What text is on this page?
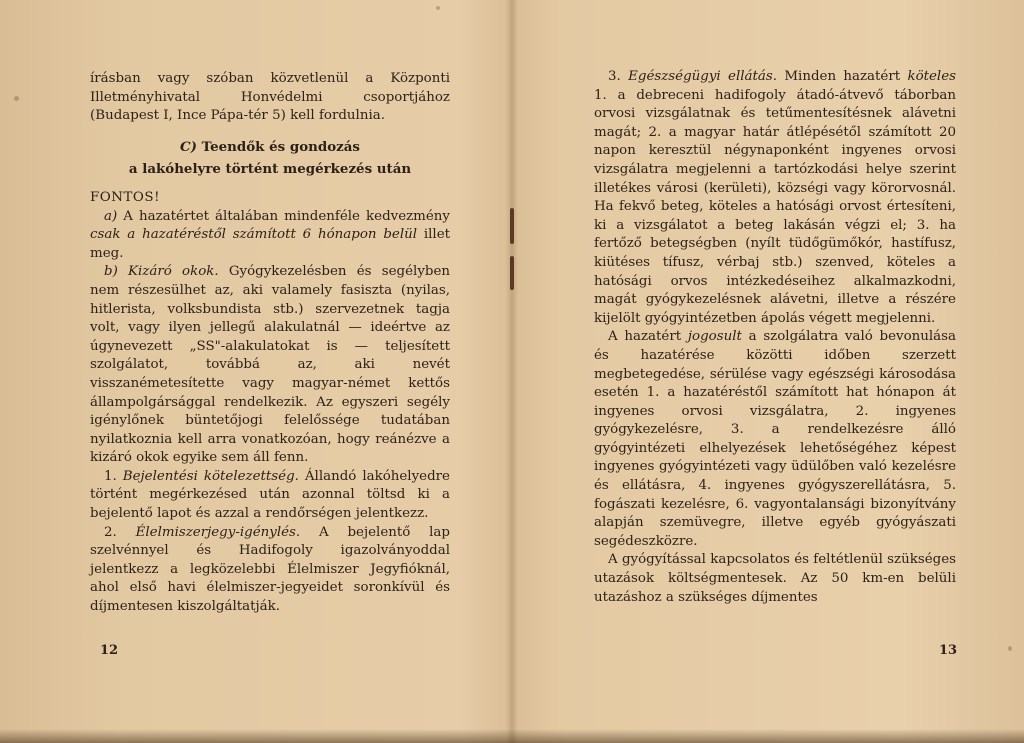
írásban vagy szóban közvetlenül a Központi Illetményhivatal Honvédelmi csoportjához (Budapest I, Ince Pápa-tér 5) kell fordulnia.

C) Teendők és gondozás
a lakóhelyre történt megérkezés után
FONTOS!

a) A hazatértet általában mindenféle kedvezmény csak a hazatéréstől számított 6 hónapon belül illet meg.

b) Kizáró okok. Gyógykezelésben és segélyben nem részesülhet az, aki valamely fasiszta (nyilas, hitlerista, volksbundista stb.) szervezetnek tagja volt, vagy ilyen jellegű alakulatnál — ideértve az úgynevezett „SS"-alakulatokat is — teljesített szolgálatot, továbbá az, aki nevét visszanémetesítette vagy magyar-német kettős állampolgársággal rendelkezik. Az egyszeri segély igénylőnek büntetőjogi felelőssége tudatában nyilatkoznia kell arra vonatkozóan, hogy reánézve a kizáró okok egyike sem áll fenn.

1. Bejelentési kötelezettség. Állandó lakóhelyedre történt megérkezésed után azonnal töltsd ki a bejelentő lapot és azzal a rendőrségen jelentkezz.

2. Élelmiszerjegy-igénylés. A bejelentő lap szelvénnyel és Hadifogoly igazolványoddal jelentkezz a legközelebbi Élelmiszer Jegyfióknál, ahol első havi élelmiszer-jegyeidet soronkívül és díjmentesen kiszolgáltatják.

12

3. Egészségügyi ellátás. Minden hazatért köteles 1. a debreceni hadifogoly átadó-átvevő táborban orvosi vizsgálatnak és tetűmentesítésnek alávetni magát; 2. a magyar határ átlépésétől számított 20 napon keresztül négynaponként ingyenes orvosi vizsgálatra megjelenni a tartózkodási helye szerint illetékes városi (kerületi), községi vagy körorvosnál. Ha fekvő beteg, köteles a hatósági orvost értesíteni, ki a vizsgálatot a beteg lakásán végzi el; 3. ha fertőző betegségben (nyílt tüdőgümőkór, hastífusz, kiütéses tífusz, vérbaj stb.) szenved, köteles a hatósági orvos intézkedéseihez alkalmazkodni, magát gyógykezelésnek alávetni, illetve a részére kijelölt gyógyintézetben ápolás végett megjelenni.

A hazatért jogosult a szolgálatra való bevonulása és hazatérése közötti időben szerzett megbetegedése, sérülése vagy egészségi károsodása esetén 1. a hazatéréstől számított hat hónapon át ingyenes orvosi vizsgálatra, 2. ingyenes gyógykezelésre, 3. a rendelkezésre álló gyógyintézeti elhelyezések lehetőségéhez képest ingyenes gyógyintézeti vagy üdülőben való kezelésre és ellátásra, 4. ingyenes gyógyszerellátásra, 5. fogászati kezelésre, 6. vagyontalansági bizonyítvány alapján szemüvegre, illetve egyéb gyógyászati segédeszközre.

A gyógyítással kapcsolatos és feltétlenül szükséges utazások költségmentesek. Az 50 km-en belüli utazáshoz a szükséges díjmentes

13
